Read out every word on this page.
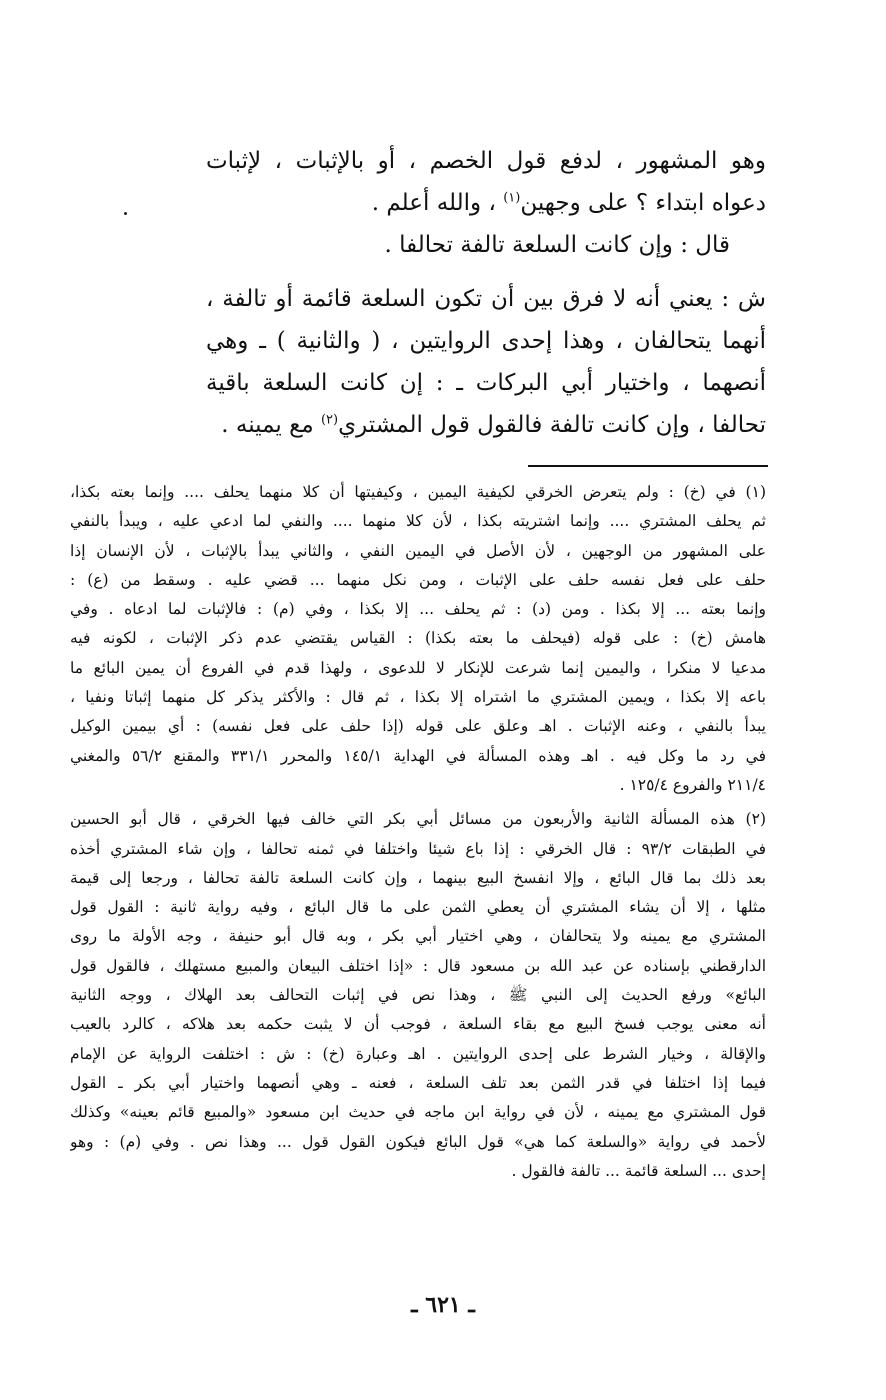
وهو المشهور ، لدفع قول الخصم ، أو بالإثبات ، لإثبات
دعواه ابتداء ؟ على وجهين$^{(١)}$ ، والله أعلم .
قال : وإن كانت السلعة تالفة تحالفا .
ش : يعني أنه لا فرق بين أن تكون السلعة قائمة أو تالفة ،
أنهما يتحالفان ، وهذا إحدى الروايتين ، ( والثانية ) ـ وهي
أنصهما ، واختيار أبي البركات ـ : إن كانت السلعة باقية
تحالفا ، وإن كانت تالفة فالقول قول المشتري$^{(٢)}$ مع يمينه .
(١) في (خ) : ولم يتعرض الخرقي لكيفية اليمين ، وكيفيتها أن كلا منهما يحلف .... وإنما بعته بكذا،
ثم يحلف المشتري .... وإنما اشتريته بكذا ، لأن كلا منهما .... والنفي لما ادعي عليه ، ويبدأ بالنفي
على المشهور من الوجهين ، لأن الأصل في اليمين النفي ، والثاني يبدأ بالإثبات ، لأن الإنسان إذا
حلف على فعل نفسه حلف على الإثبات ، ومن نكل منهما ... قضي عليه . وسقط من (ع) :
وإنما بعته ... إلا بكذا . ومن (د) : ثم يحلف ... إلا بكذا ، وفي (م) : فالإثبات لما ادعاه . وفي
هامش (خ) : على قوله (فيحلف ما بعته بكذا) : القياس يقتضي عدم ذكر الإثبات ، لكونه فيه
مدعيا لا منكرا ، واليمين إنما شرعت للإنكار لا للدعوى ، ولهذا قدم في الفروع أن يمين البائع ما
باعه إلا بكذا ، ويمين المشتري ما اشتراه إلا بكذا ، ثم قال : والأكثر يذكر كل منهما إثباتا ونفيا ،
يبدأ بالنفي ، وعنه الإثبات . اهـ وعلق على قوله (إذا حلف على فعل نفسه) : أي بيمين الوكيل
في رد ما وكل فيه . اهـ وهذه المسألة في الهداية ١٤٥/١ والمحرر ٣٣١/١ والمقنع ٥٦/٢ والمغني
٢١١/٤ والفروع ١٢٥/٤ .
(٢) هذه المسألة الثانية والأربعون من مسائل أبي بكر التي خالف فيها الخرقي ، قال أبو الحسين
في الطبقات ٩٣/٢ : قال الخرقي : إذا باع شيئا واختلفا في ثمنه تحالفا ، وإن شاء المشتري أخذه
بعد ذلك بما قال البائع ، وإلا انفسخ البيع بينهما ، وإن كانت السلعة تالفة تحالفا ، ورجعا إلى قيمة
مثلها ، إلا أن يشاء المشتري أن يعطي الثمن على ما قال البائع ، وفيه رواية ثانية : القول قول
المشتري مع يمينه ولا يتحالفان ، وهي اختيار أبي بكر ، وبه قال أبو حنيفة ، وجه الأولة ما روى
الدارقطني بإسناده عن عبد الله بن مسعود قال : «إذا اختلف البيعان والمبيع مستهلك ، فالقول قول
البائع» ورفع الحديث إلى النبي ﷺ ، وهذا نص في إثبات التحالف بعد الهلاك ، ووجه الثانية
أنه معنى يوجب فسخ البيع مع بقاء السلعة ، فوجب أن لا يثبت حكمه بعد هلاكه ، كالرد بالعيب
والإقالة ، وخيار الشرط على إحدى الروايتين . اهـ وعبارة (خ) : ش : اختلفت الرواية عن الإمام
فيما إذا اختلفا في قدر الثمن بعد تلف السلعة ، فعنه ـ وهي أنصهما واختيار أبي بكر ـ القول
قول المشتري مع يمينه ، لأن في رواية ابن ماجه في حديث ابن مسعود «والمبيع قائم بعينه» وكذلك
لأحمد في رواية «والسلعة كما هي» قول البائع فيكون القول قول ... وهذا نص . وفي (م) : وهو
إحدى ... السلعة قائمة ... تالفة فالقول .
ـ ٦٢١ ـ
